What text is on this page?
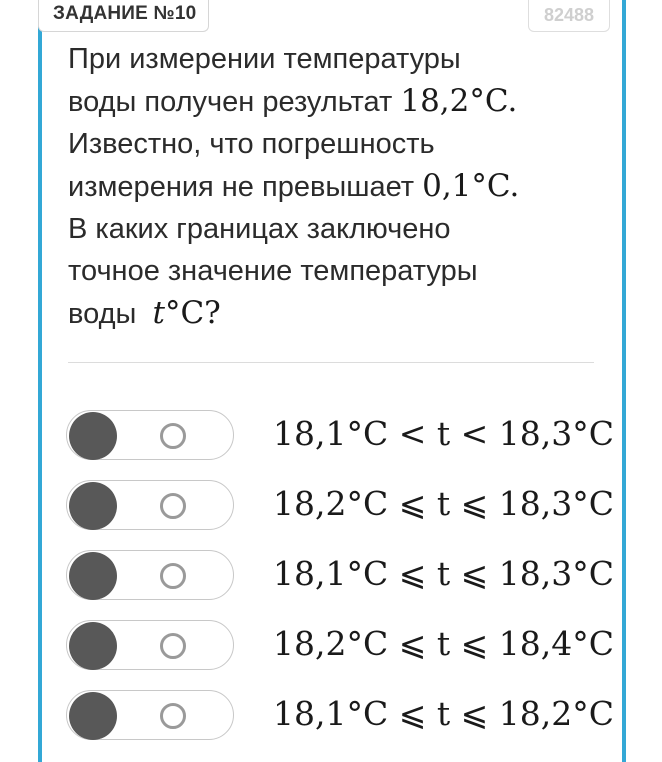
ЗАДАНИЕ №10	82488
При измерении температуры
воды получен результат 18,2°C.
Известно, что погрешность
измерения не превышает 0,1°C.
В каких границах заключено
точное значение температуры
воды t°C?
18,1°C < t < 18,3°C
18,2°C ⩽ t ⩽ 18,3°C
18,1°C ⩽ t ⩽ 18,3°C
18,2°C ⩽ t ⩽ 18,4°C
18,1°C ⩽ t ⩽ 18,2°C
